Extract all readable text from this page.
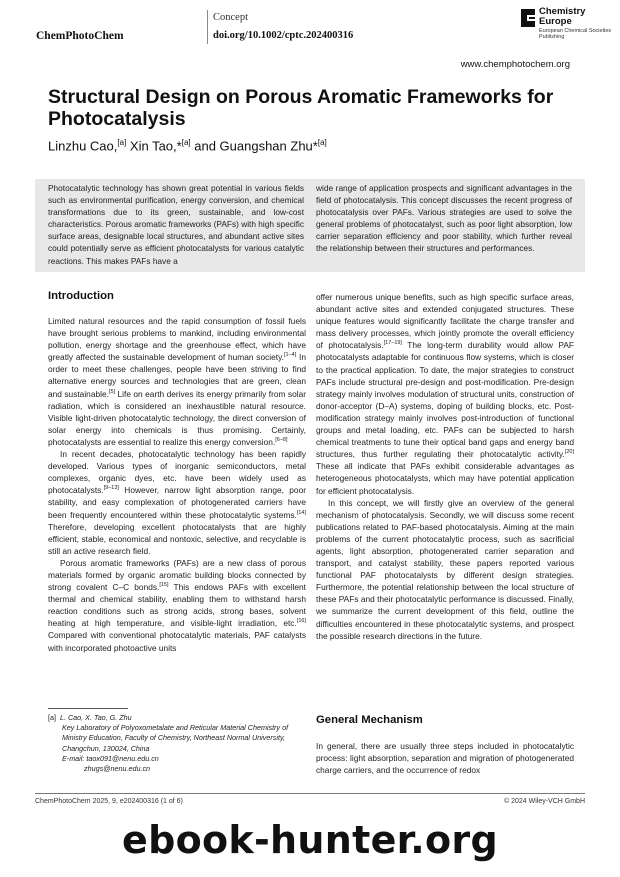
ChemPhotoChem
Concept
doi.org/10.1002/cptc.202400316
Chemistry
Europe
European Chemical Societies Publishing
www.chemphotochem.org
Structural Design on Porous Aromatic Frameworks for Photocatalysis
Linzhu Cao,[a] Xin Tao,*[a] and Guangshan Zhu*[a]
Photocatalytic technology has shown great potential in various fields such as environmental purification, energy conversion, and chemical transformations due to its green, sustainable, and low-cost characteristics. Porous aromatic frameworks (PAFs) with high specific surface areas, designable local structures, and abundant active sites could potentially serve as efficient photocatalysts for various catalytic reactions. This makes PAFs have a
wide range of application prospects and significant advantages in the field of photocatalysis. This concept discusses the recent progress of photocatalysis over PAFs. Various strategies are used to solve the general problems of photocatalyst, such as poor light absorption, low carrier separation efficiency and poor stability, which further reveal the relationship between their structures and performances.
Introduction

Limited natural resources and the rapid consumption of fossil fuels have brought serious problems to mankind, including environmental pollution, energy shortage and the greenhouse effect, which have greatly affected the sustainable development of human society.[1–4] In order to meet these challenges, people have been striving to find alternative energy sources and technologies that are green, clean and sustainable.[5] Life on earth derives its energy primarily from solar radiation, which is considered an inexhaustible natural resource. Visible light-driven photocatalytic technology, the direct conversion of solar energy into chemicals is thus promising. Certainly, photocatalysts are essential to realize this energy conversion.[6–8]

In recent decades, photocatalytic technology has been rapidly developed. Various types of inorganic semiconductors, metal complexes, organic dyes, etc. have been widely used as photocatalysts.[9–13] However, narrow light absorption range, poor stability, and easy complexation of photogenerated carriers have been frequently encountered within these photocatalytic systems.[14] Therefore, developing excellent photocatalysts that are highly efficient, stable, economical and nontoxic, selective, and recyclable is still an active research field.

Porous aromatic frameworks (PAFs) are a new class of porous materials formed by organic aromatic building blocks connected by strong covalent C–C bonds.[15] This endows PAFs with excellent thermal and chemical stability, enabling them to withstand harsh reaction conditions such as strong acids, strong bases, solvent heating at high temperature, and visible-light irradiation, etc.[16] Compared with conventional photocatalytic materials, PAF catalysts with incorporated photoactive units

offer numerous unique benefits, such as high specific surface areas, abundant active sites and extended conjugated structures. These unique features would significantly facilitate the charge transfer and mass delivery processes, which jointly promote the overall efficiency of photocatalysis.[17–19] The long-term durability would allow PAF photocatalysts adaptable for continuous flow systems, which is closer to the practical application. To date, the major strategies to construct PAFs include structural pre-design and post-modification. Pre-design strategy mainly involves modulation of structural units, construction of donor-acceptor (D–A) systems, doping of building blocks, etc. Post-modification strategy mainly involves post-introduction of functional groups and metal loading, etc. PAFs can be subjected to harsh chemical treatments to tune their optical band gaps and energy band structures, thus further regulating their photocatalytic activity.[20] These all indicate that PAFs exhibit considerable advantages as heterogeneous photocatalysts, which may have potential application for efficient photocatalysis.

In this concept, we will firstly give an overview of the general mechanism of photocatalysis. Secondly, we will discuss some recent publications related to PAF-based photocatalysis. Aiming at the main problems of the current photocatalytic process, such as sacrificial agents, light absorption, photogenerated carrier separation and transport, and catalyst stability, these papers reported various functional PAF photocatalysts by different design strategies. Furthermore, the potential relationship between the local structure of these PAFs and their photocatalytic performance is discussed. Finally, we summarize the current development of this field, outline the difficulties encountered in these photocatalytic systems, and prospect the possible research directions in the future.

General Mechanism
In general, there are usually three steps included in photocatalytic process: light absorption, separation and migration of photogenerated charge carriers, and the occurrence of redox
[a] L. Cao, X. Tao, G. Zhu
Key Laboratory of Polyoxometalate and Reticular Material Chemistry of
Ministry Education, Faculty of Chemistry, Northeast Normal University,
Changchun, 130024, China
E-mail: taox091@nenu.edu.cn
zhugs@nenu.edu.cn
ChemPhotoChem 2025, 9, e202400316 (1 of 6)	© 2024 Wiley-VCH GmbH
ebook-hunter.org
